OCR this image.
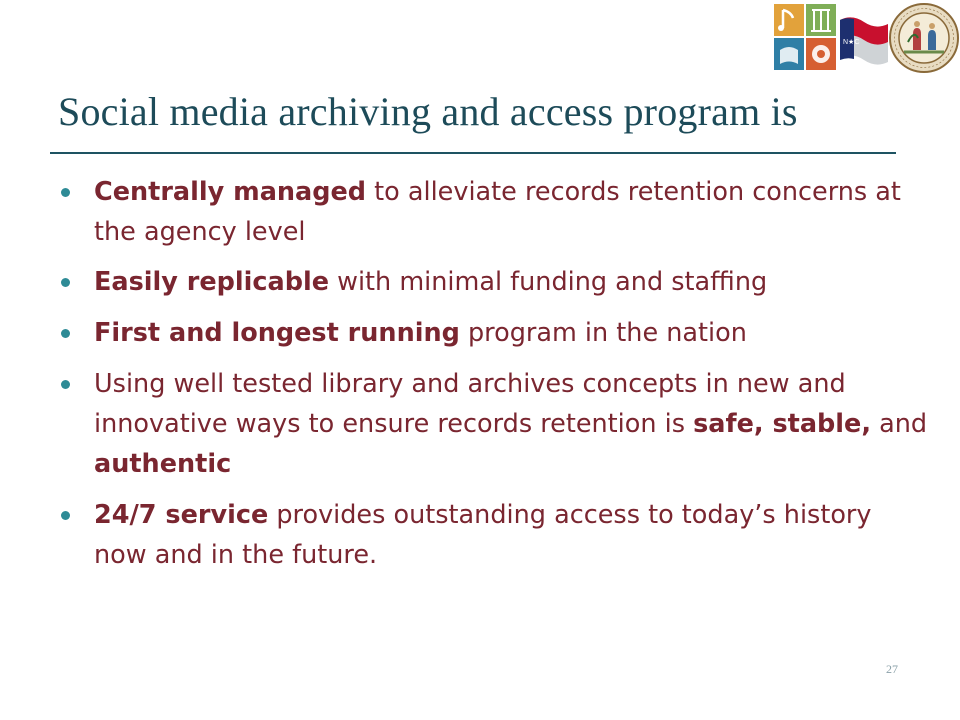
N★C
Social media archiving and access program is
Centrally managed to alleviate records retention concerns at the agency level
Easily replicable with minimal funding and staffing
First and longest running program in the nation
Using well tested library and archives concepts in new and innovative ways to ensure records retention is safe, stable, and authentic
24/7 service provides outstanding access to today’s history now and in the future.
27
